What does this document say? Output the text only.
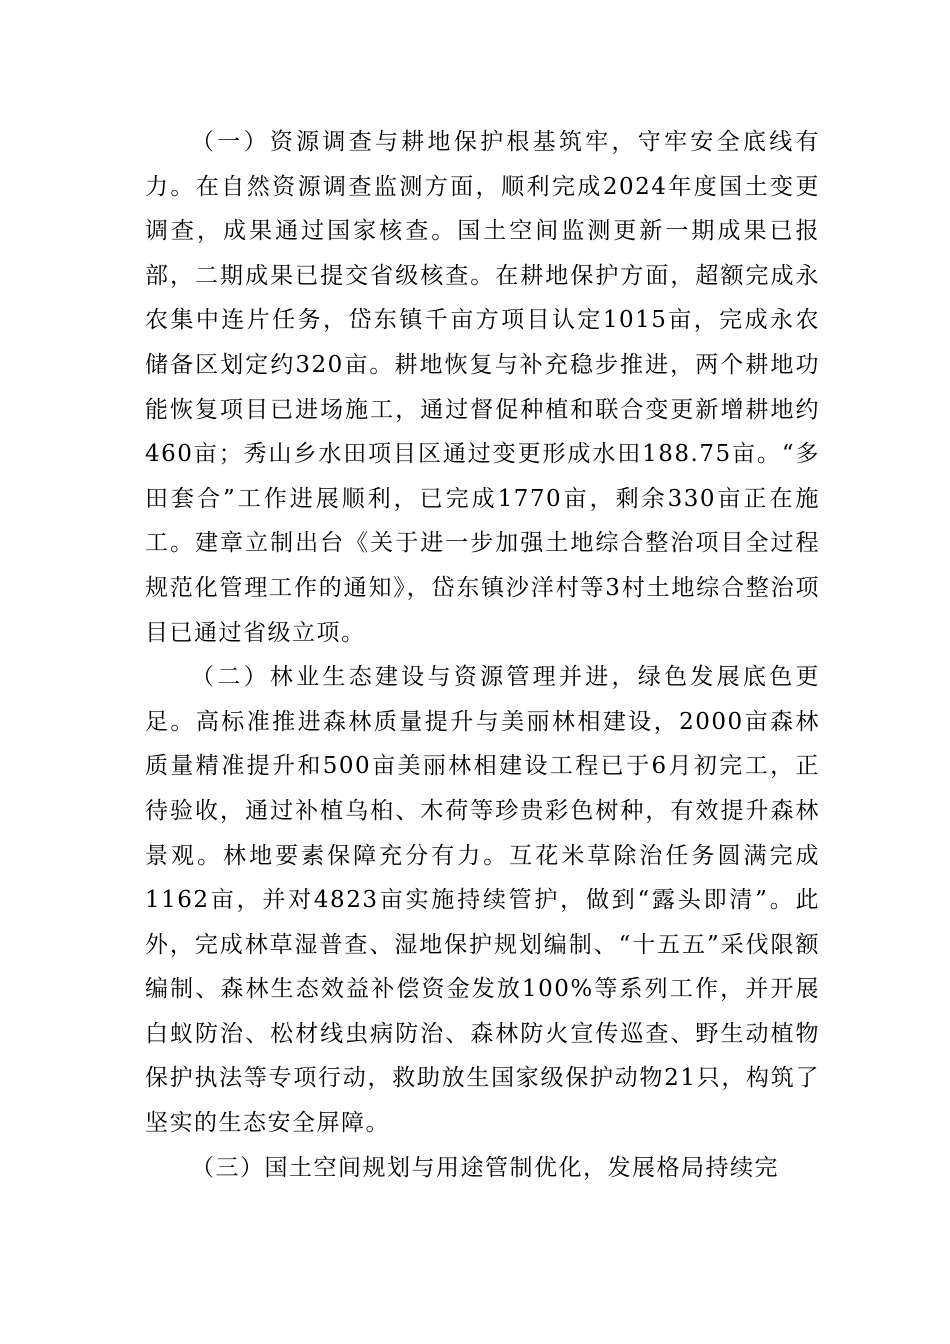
（一）资源调查与耕地保护根基筑牢，守牢安全底线有力。在自然资源调查监测方面，顺利完成2024年度国土变更调查，成果通过国家核查。国土空间监测更新一期成果已报部，二期成果已提交省级核查。在耕地保护方面，超额完成永农集中连片任务，岱东镇千亩方项目认定1015亩，完成永农储备区划定约320亩。耕地恢复与补充稳步推进，两个耕地功能恢复项目已进场施工，通过督促种植和联合变更新增耕地约460亩；秀山乡水田项目区通过变更形成水田188.75亩。“多田套合”工作进展顺利，已完成1770亩，剩余330亩正在施工。建章立制出台《关于进一步加强土地综合整治项目全过程规范化管理工作的通知》，岱东镇沙洋村等3村土地综合整治项目已通过省级立项。

（二）林业生态建设与资源管理并进，绿色发展底色更足。高标准推进森林质量提升与美丽林相建设，2000亩森林质量精准提升和500亩美丽林相建设工程已于6月初完工，正待验收，通过补植乌桕、木荷等珍贵彩色树种，有效提升森林景观。林地要素保障充分有力。互花米草除治任务圆满完成1162亩，并对4823亩实施持续管护，做到“露头即清”。此外，完成林草湿普查、湿地保护规划编制、“十五五”采伐限额编制、森林生态效益补偿资金发放100%等系列工作，并开展白蚁防治、松材线虫病防治、森林防火宣传巡查、野生动植物保护执法等专项行动，救助放生国家级保护动物21只，构筑了坚实的生态安全屏障。

（三）国土空间规划与用途管制优化，发展格局持续完
